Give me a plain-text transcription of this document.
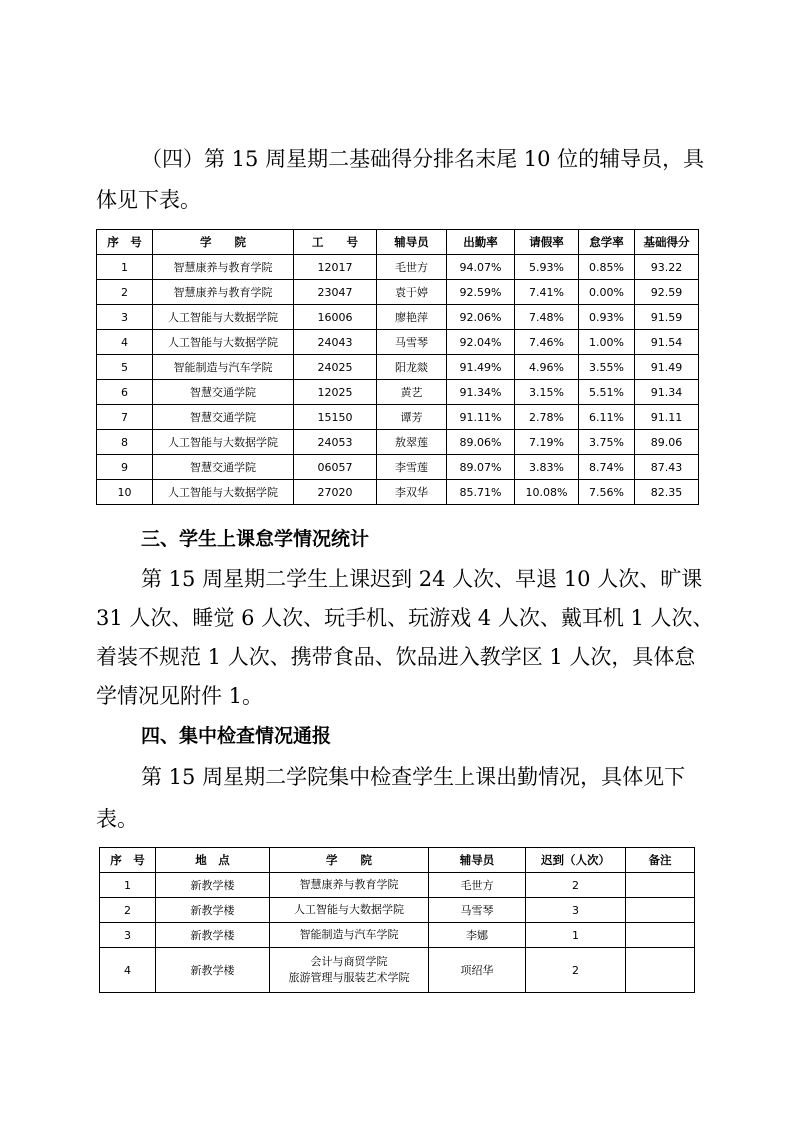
（四）第 15 周星期二基础得分排名末尾 10 位的辅导员，具
体见下表。
序　号	学　　院	工　　号	辅导员	出勤率	请假率	怠学率	基础得分
1	智慧康养与教育学院	12017	毛世方	94.07%	5.93%	0.85%	93.22
2	智慧康养与教育学院	23047	袁于婷	92.59%	7.41%	0.00%	92.59
3	人工智能与大数据学院	16006	廖艳萍	92.06%	7.48%	0.93%	91.59
4	人工智能与大数据学院	24043	马雪琴	92.04%	7.46%	1.00%	91.54
5	智能制造与汽车学院	24025	阳龙燚	91.49%	4.96%	3.55%	91.49
6	智慧交通学院	12025	黄艺	91.34%	3.15%	5.51%	91.34
7	智慧交通学院	15150	谭芳	91.11%	2.78%	6.11%	91.11
8	人工智能与大数据学院	24053	敖翠莲	89.06%	7.19%	3.75%	89.06
9	智慧交通学院	06057	李雪莲	89.07%	3.83%	8.74%	87.43
10	人工智能与大数据学院	27020	李双华	85.71%	10.08%	7.56%	82.35
三、学生上课怠学情况统计
第 15 周星期二学生上课迟到 24 人次、早退 10 人次、旷课
31 人次、睡觉 6 人次、玩手机、玩游戏 4 人次、戴耳机 1 人次、
着装不规范 1 人次、携带食品、饮品进入教学区 1 人次，具体怠
学情况见附件 1。
四、集中检查情况通报
第 15 周星期二学院集中检查学生上课出勤情况，具体见下
表。
序　号	地　点	学　　院	辅导员	迟到（人次）	备注
1	新教学楼	智慧康养与教育学院	毛世方	2	
2	新教学楼	人工智能与大数据学院	马雪琴	3	
3	新教学楼	智能制造与汽车学院	李娜	1	
4	新教学楼	会计与商贸学院
旅游管理与服装艺术学院	项绍华	2	
